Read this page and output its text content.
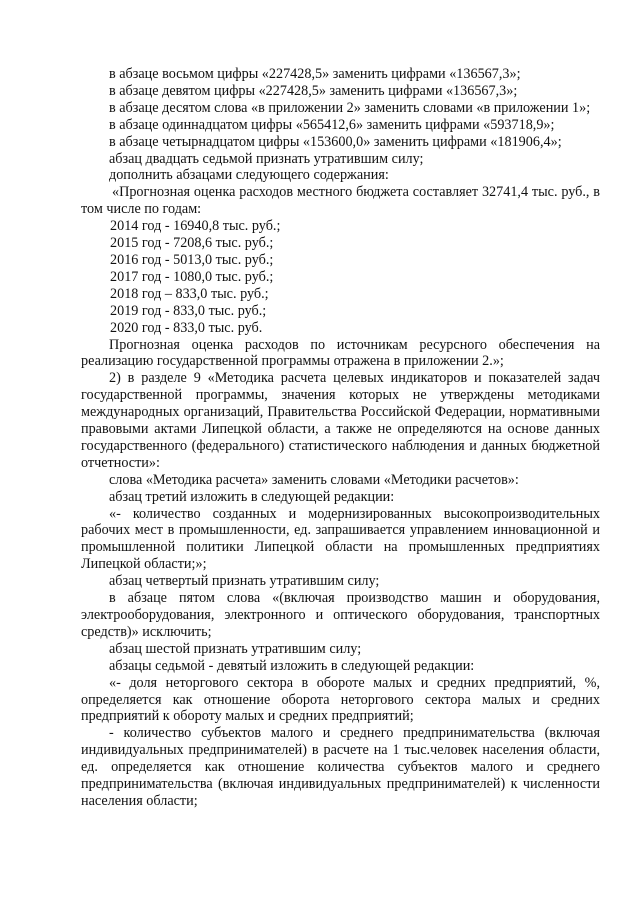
в абзаце восьмом цифры «227428,5» заменить цифрами «136567,3»;

в абзаце девятом цифры «227428,5» заменить цифрами «136567,3»;

в абзаце десятом слова «в приложении 2» заменить словами «в приложении 1»;

в абзаце одиннадцатом цифры «565412,6» заменить цифрами «593718,9»;

в абзаце четырнадцатом цифры «153600,0» заменить цифрами «181906,4»;

абзац двадцать седьмой признать утратившим силу;

дополнить абзацами следующего содержания:

«Прогнозная оценка расходов местного бюджета составляет 32741,4 тыс. руб., в том числе по годам:

2014 год - 16940,8 тыс. руб.;

2015 год - 7208,6 тыс. руб.;

2016 год - 5013,0 тыс. руб.;

2017 год - 1080,0 тыс. руб.;

2018 год – 833,0 тыс. руб.;

2019 год - 833,0 тыс. руб.;

2020 год - 833,0 тыс. руб.

Прогнозная оценка расходов по источникам ресурсного обеспечения на реализацию государственной программы отражена в приложении 2.»;

2) в разделе 9 «Методика расчета целевых индикаторов и показателей задач государственной программы, значения которых не утверждены методиками международных организаций, Правительства Российской Федерации, нормативными правовыми актами Липецкой области, а также не определяются на основе данных государственного (федерального) статистического наблюдения и данных бюджетной отчетности»:

слова «Методика расчета» заменить словами «Методики расчетов»:

абзац третий изложить в следующей редакции:

«- количество созданных и модернизированных высокопроизводительных рабочих мест в промышленности, ед. запрашивается управлением инновационной и промышленной политики Липецкой области на промышленных предприятиях Липецкой области;»;

абзац четвертый признать утратившим силу;

в абзаце пятом слова «(включая производство машин и оборудования, электрооборудования, электронного и оптического оборудования, транспортных средств)» исключить;

абзац шестой признать утратившим силу;

абзацы седьмой - девятый изложить в следующей редакции:

«- доля неторгового сектора в обороте малых и средних предприятий, %, определяется как отношение оборота неторгового сектора малых и средних предприятий к обороту малых и средних предприятий;

- количество субъектов малого и среднего предпринимательства (включая индивидуальных предпринимателей) в расчете на 1 тыс.человек населения области, ед. определяется как отношение количества субъектов малого и среднего предпринимательства (включая индивидуальных предпринимателей) к численности населения области;
